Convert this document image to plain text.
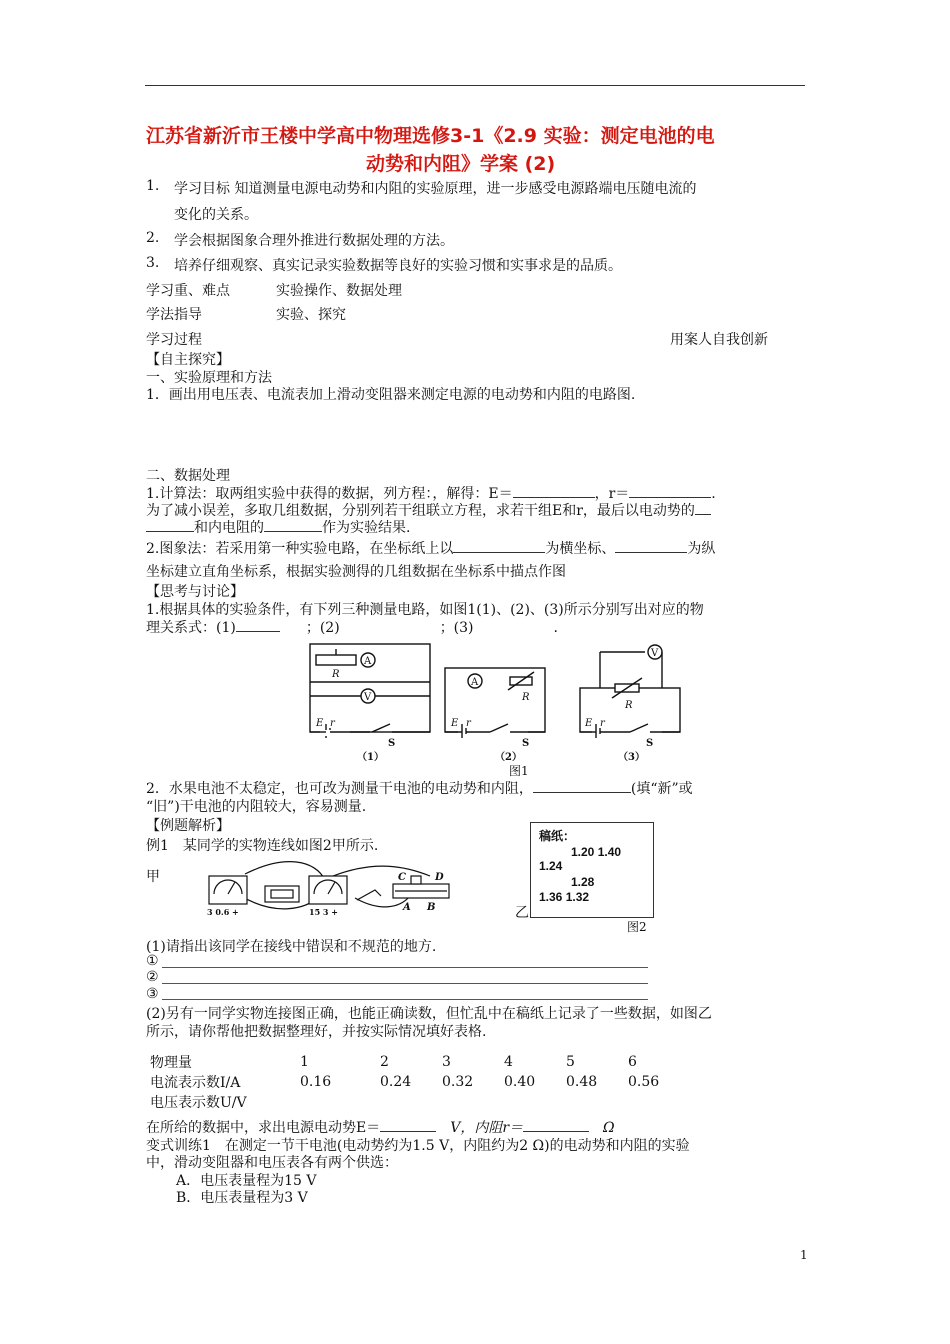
江苏省新沂市王楼中学高中物理选修3-1《2.9 实验：测定电池的电
动势和内阻》学案 (2)
1. 学习目标 知道测量电源电动势和内阻的实验原理，进一步感受电源路端电压随电流的
变化的关系。
2. 学会根据图象合理外推进行数据处理的方法。
3. 培养仔细观察、真实记录实验数据等良好的实验习惯和实事求是的品质。
学习重、难点	实验操作、数据处理
学法指导	实验、探究
学习过程	用案人自我创新
【自主探究】
一、实验原理和方法
1．画出用电压表、电流表加上滑动变阻器来测定电源的电动势和内阻的电路图.
二、数据处理
1.计算法：取两组实验中获得的数据，列方程：，解得：E＝	，r＝	.
为了减小误差，多取几组数据，分别列若干组联立方程，求若干组E和r，最后以电动势的
和内电阻的	作为实验结果.
2.图象法：若采用第一种实验电路，在坐标纸上以	为横坐标、	为纵
坐标建立直角坐标系，根据实验测得的几组数据在坐标系中描点作图
【思考与讨论】
1.根据具体的实验条件，有下列三种测量电路，如图1(1)、(2)、(3)所示分别写出对应的物
理关系式：(1)	；(2)	；(3)	.
A
V
R
E r
S
（1）
A
R
E r
S
（2）
V
R
E r
S
（3）
图1
2．水果电池不太稳定，也可改为测量干电池的电动势和内阻，	(填“新”或
“旧”)干电池的内阻较大，容易测量.
【例题解析】
例1　某同学的实物连线如图2甲所示.
甲
3 0.6 +	15 3 +
C	D
A B
稿纸：
1.20 1.40
1.24
1.28
1.36 1.32
乙
图2
(1)请指出该同学在接线中错误和不规范的地方.
①
②
③
(2)另有一同学实物连接图正确，也能正确读数，但忙乱中在稿纸上记录了一些数据，如图乙
所示，请你帮他把数据整理好，并按实际情况填好表格.
物理量	1	2	3	4	5	6
电流表示数I/A	0.16	0.24	0.32	0.40	0.48	0.56
电压表示数U/V						
在所给的数据中，求出电源电动势E＝	V，内阻r＝	Ω
变式训练1　在测定一节干电池(电动势约为1.5 V，内阻约为2 Ω)的电动势和内阻的实验
中，滑动变阻器和电压表各有两个供选：
A．电压表量程为15 V
B．电压表量程为3 V
1
